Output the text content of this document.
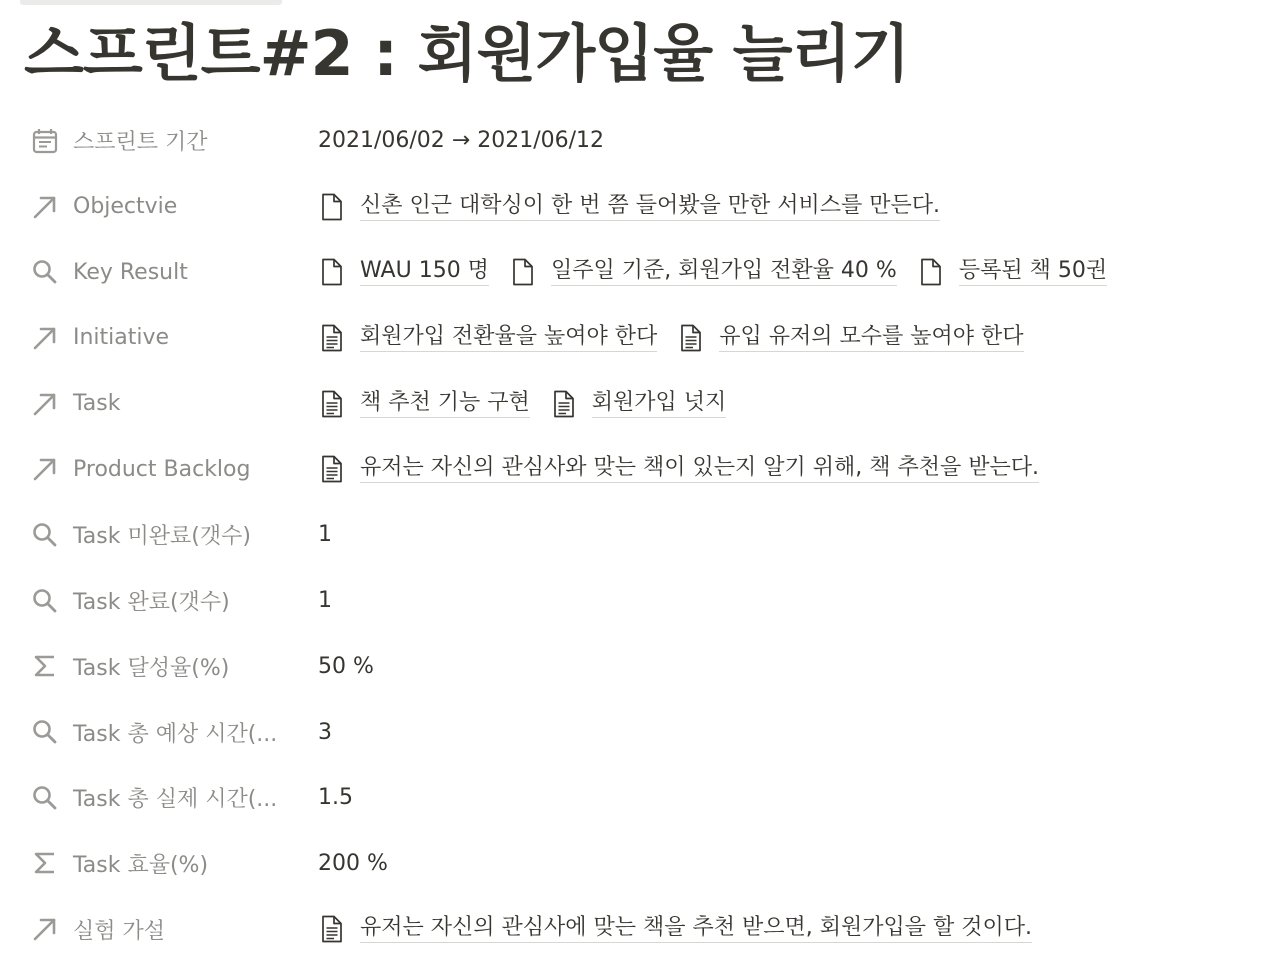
스프린트#2 : 회원가입율 늘리기
스프린트 기간	2021/06/02 → 2021/06/12
Objectvie	신촌 인근 대학싱이 한 번 쯤 들어봤을 만한 서비스를 만든다.
Key Result	WAU 150 명	일주일 기준, 회원가입 전환율 40 %	등록된 책 50권
Initiative	회원가입 전환율을 높여야 한다	유입 유저의 모수를 높여야 한다
Task	책 추천 기능 구현	회원가입 넛지
Product Backlog	유저는 자신의 관심사와 맞는 책이 있는지 알기 위해, 책 추천을 받는다.
Task 미완료(갯수)	1
Task 완료(갯수)	1
Task 달성율(%)	50 %
Task 총 예상 시간(... 3
Task 총 실제 시간(... 1.5
Task 효율(%)	200 %
실험 가설	유저는 자신의 관심사에 맞는 책을 추천 받으면, 회원가입을 할 것이다.
